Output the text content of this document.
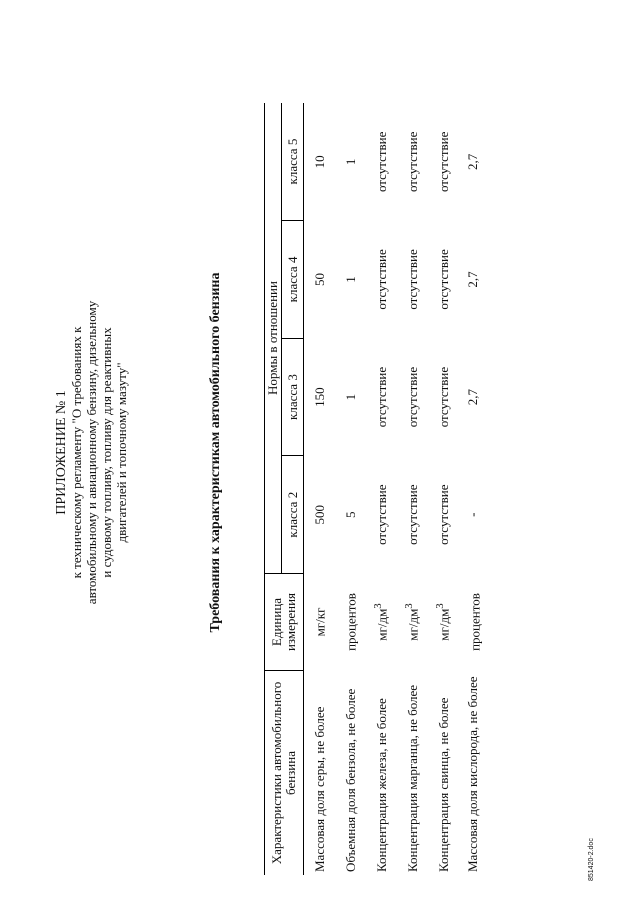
ПРИЛОЖЕНИЕ № 1 к техническому регламенту "О требованиях к автомобильному и авиационному бензину, дизельному и судовому топливу, топливу для реактивных двигателей и топочному мазуту"	Требования к характеристикам автомобильного бензина
Характеристики автомобильного бензина	Единица измерения	Нормы в отношении			
		класса 2	класса 3	класса 4	класса 5
Массовая доля серы, не более	мг/кг	500	150	50	10
Объемная доля бензола, не более	процентов	5	1	1	1
Концентрация железа, не более	$мг/дм^3$	отсутствие	отсутствие	отсутствие	отсутствие
Концентрация марганца, не более	$мг/дм^3$	отсутствие	отсутствие	отсутствие	отсутствие
Концентрация свинца, не более	$мг/дм^3$	отсутствие	отсутствие	отсутствие	отсутствие
Массовая доля кислорода, не более	процентов	-	2,7	2,7	2,7
851420-2.doc
